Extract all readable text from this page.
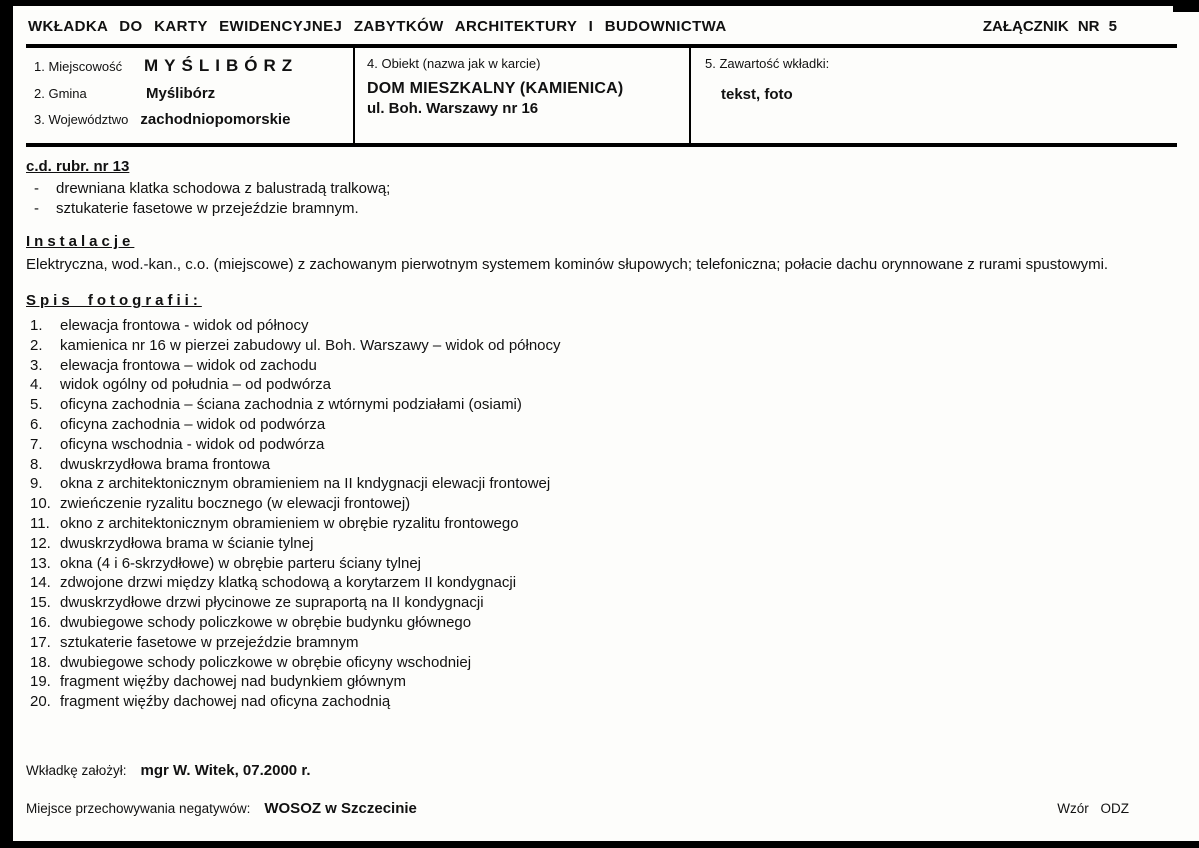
WKŁADKA DO KARTY EWIDENCYJNEJ ZABYTKÓW ARCHITEKTURY I BUDOWNICTWA	ZAŁĄCZNIK NR 5
1. Miejscowość	MYŚLIBÓRZ
2. Gmina	Myślibórz
3. Województwo zachodniopomorskie
4. Obiekt (nazwa jak w karcie)
DOM MIESZKALNY (KAMIENICA)
ul. Boh. Warszawy nr 16
5. Zawartość wkładki:
tekst, foto
c.d. rubr. nr 13
-	drewniana klatka schodowa z balustradą tralkową;
-	sztukaterie fasetowe w przejeździe bramnym.
Instalacje
Elektryczna, wod.-kan., c.o. (miejscowe) z zachowanym pierwotnym systemem kominów słupowych; telefoniczna; połacie dachu orynnowane z rurami spustowymi.
Spis fotografii:
1.	elewacja frontowa - widok od północy
2.	kamienica nr 16 w pierzei zabudowy ul. Boh. Warszawy – widok od północy
3.	elewacja frontowa – widok od zachodu
4.	widok ogólny od południa – od podwórza
5.	oficyna zachodnia – ściana zachodnia z wtórnymi podziałami (osiami)
6.	oficyna zachodnia – widok od podwórza
7.	oficyna wschodnia - widok od podwórza
8.	dwuskrzydłowa brama frontowa
9.	okna z architektonicznym obramieniem na II kndygnacji elewacji frontowej
10. zwieńczenie ryzalitu bocznego (w elewacji frontowej)
11. okno z architektonicznym obramieniem w obrębie ryzalitu frontowego
12. dwuskrzydłowa brama w ścianie tylnej
13. okna (4 i 6-skrzydłowe) w obrębie parteru ściany tylnej
14. zdwojone drzwi między klatką schodową a korytarzem II kondygnacji
15. dwuskrzydłowe drzwi płycinowe ze supraportą na II kondygnacji
16. dwubiegowe schody policzkowe w obrębie budynku głównego
17. sztukaterie fasetowe w przejeździe bramnym
18. dwubiegowe schody policzkowe w obrębie oficyny wschodniej
19. fragment więźby dachowej nad budynkiem głównym
20. fragment więźby dachowej nad oficyna zachodnią
Wkładkę założył: mgr W. Witek, 07.2000 r.
Miejsce przechowywania negatywów: WOSOZ w Szczecinie	Wzór ODZ
